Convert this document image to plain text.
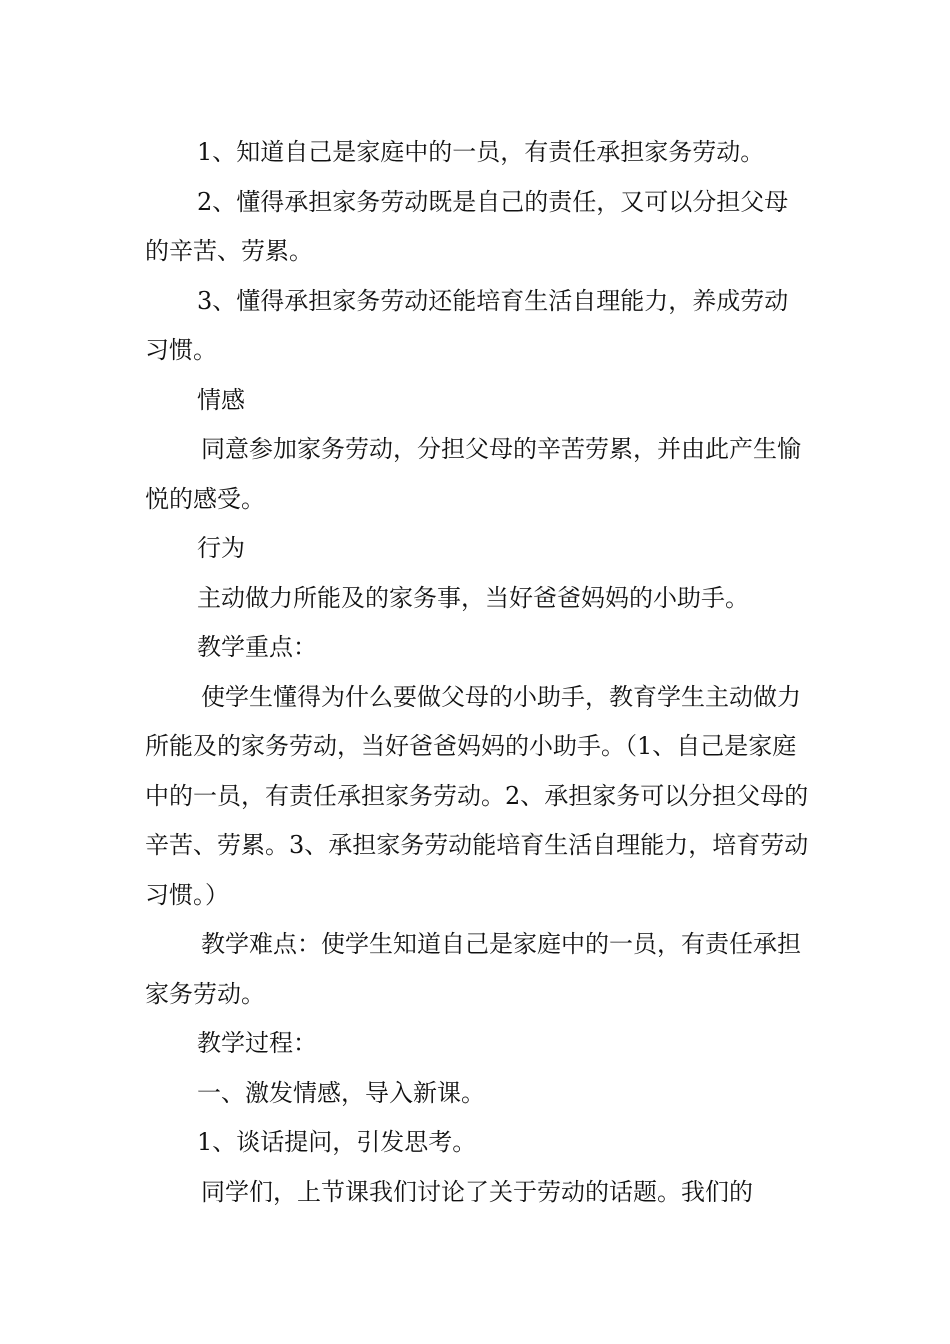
1、知道自己是家庭中的一员，有责任承担家务劳动。

2、懂得承担家务劳动既是自己的责任，又可以分担父母的辛苦、劳累。

3、懂得承担家务劳动还能培育生活自理能力，养成劳动习惯。

情感

同意参加家务劳动，分担父母的辛苦劳累，并由此产生愉悦的感受。

行为

主动做力所能及的家务事，当好爸爸妈妈的小助手。

教学重点：

使学生懂得为什么要做父母的小助手，教育学生主动做力所能及的家务劳动，当好爸爸妈妈的小助手。（1、自己是家庭中的一员，有责任承担家务劳动。2、承担家务可以分担父母的辛苦、劳累。3、承担家务劳动能培育生活自理能力，培育劳动习惯。）

教学难点：使学生知道自己是家庭中的一员，有责任承担家务劳动。

教学过程：

一、激发情感，导入新课。

1、谈话提问，引发思考。

同学们，上节课我们讨论了关于劳动的话题。我们的
